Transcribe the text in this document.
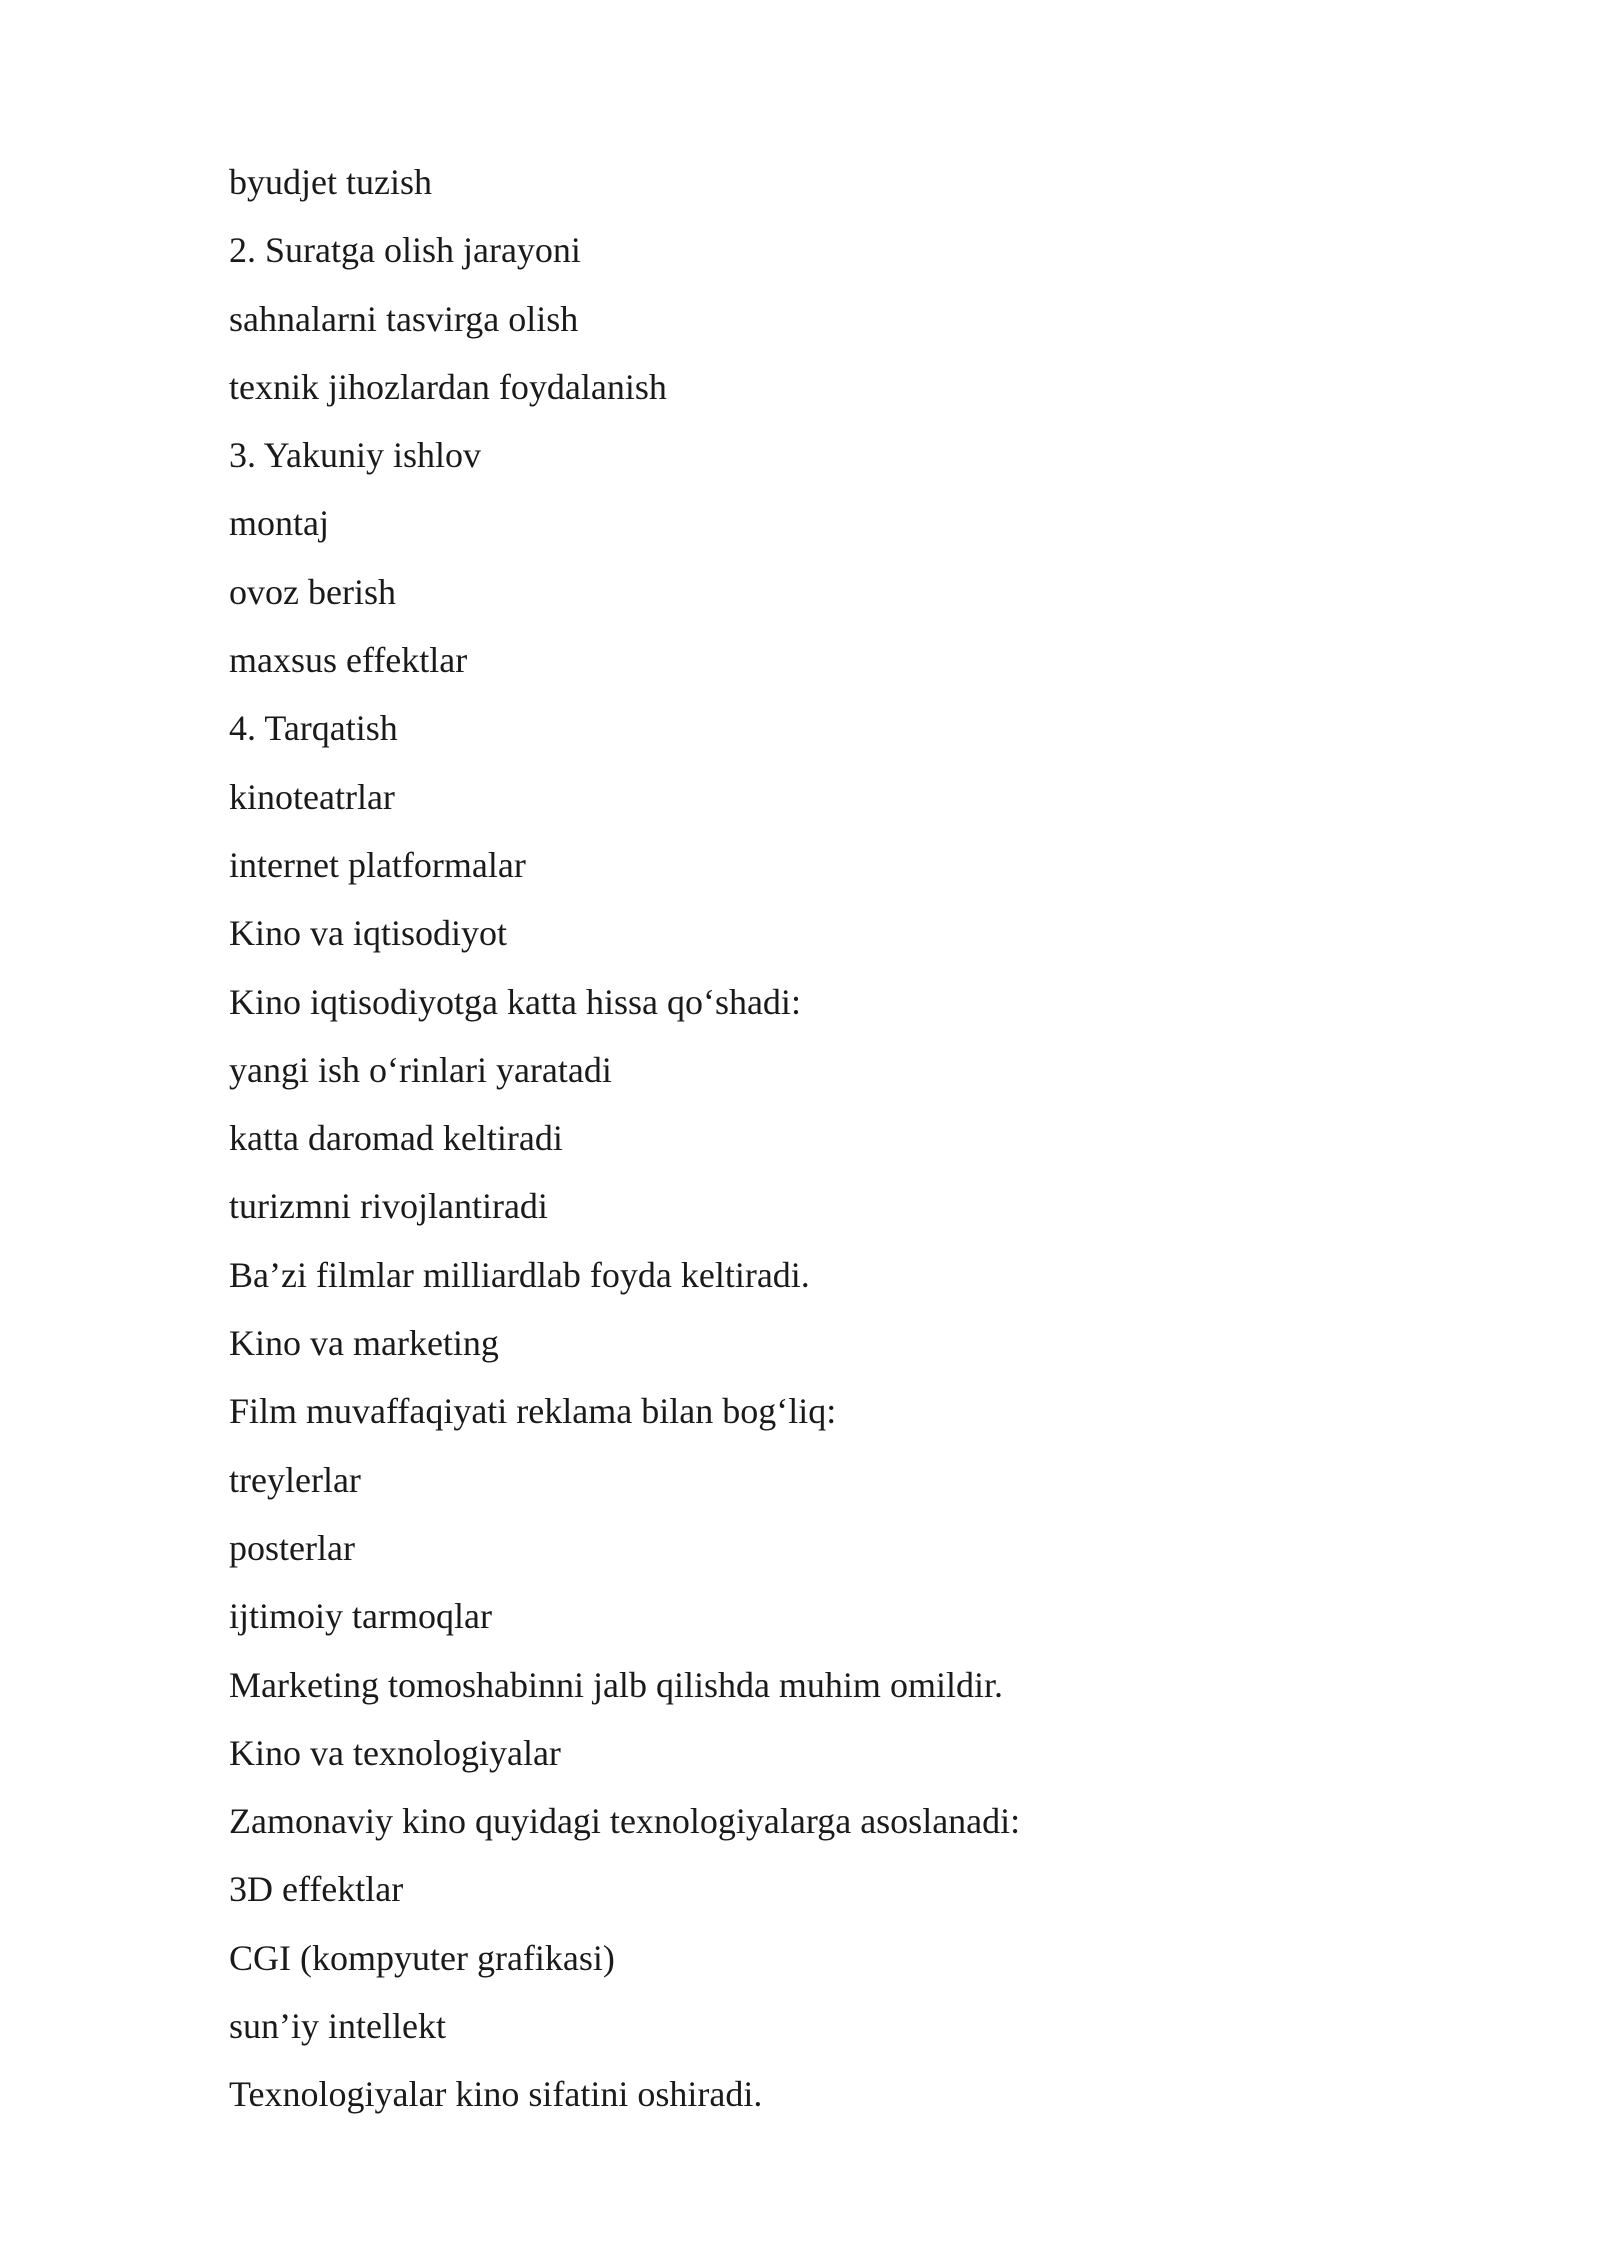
byudjet tuzish

2. Suratga olish jarayoni

sahnalarni tasvirga olish

texnik jihozlardan foydalanish

3. Yakuniy ishlov

montaj

ovoz berish

maxsus effektlar

4. Tarqatish

kinoteatrlar

internet platformalar

Kino va iqtisodiyot

Kino iqtisodiyotga katta hissa qo‘shadi:

yangi ish o‘rinlari yaratadi

katta daromad keltiradi

turizmni rivojlantiradi

Ba’zi filmlar milliardlab foyda keltiradi.

Kino va marketing

Film muvaffaqiyati reklama bilan bog‘liq:

treylerlar

posterlar

ijtimoiy tarmoqlar

Marketing tomoshabinni jalb qilishda muhim omildir.

Kino va texnologiyalar

Zamonaviy kino quyidagi texnologiyalarga asoslanadi:

3D effektlar

CGI (kompyuter grafikasi)

sun’iy intellekt

Texnologiyalar kino sifatini oshiradi.
